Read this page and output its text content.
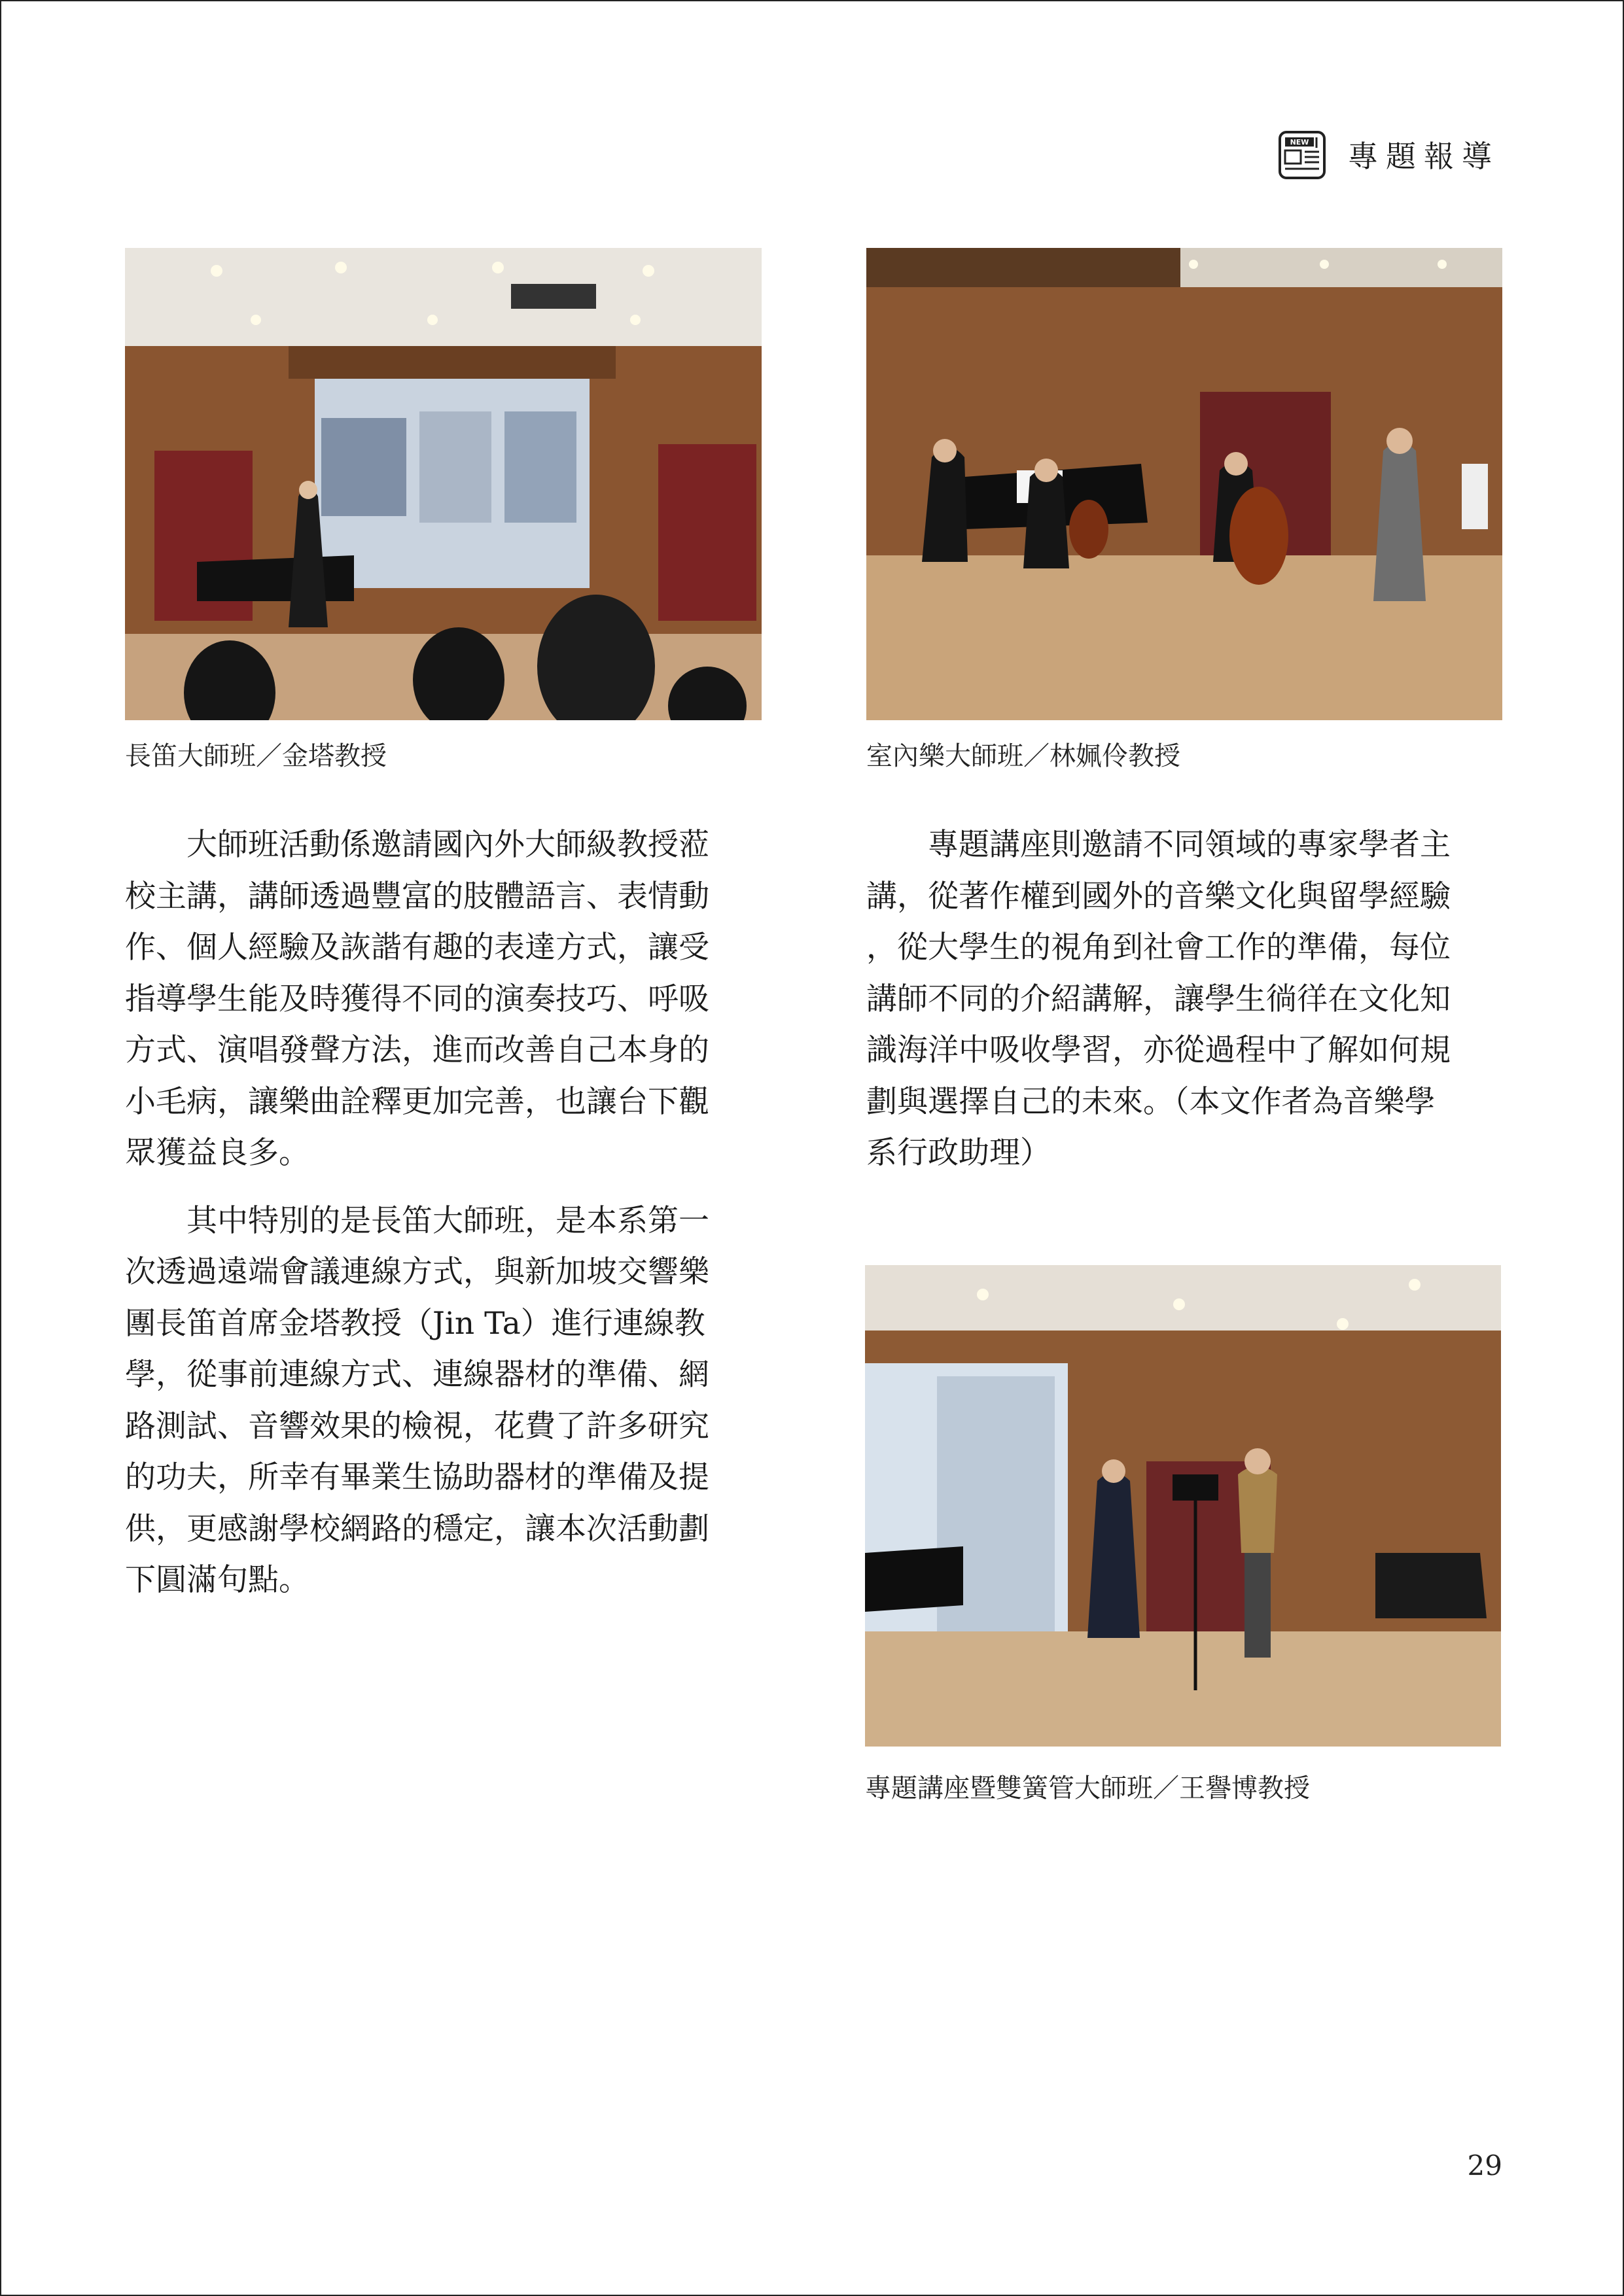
NEW 專題報導
長笛大師班／金塔教授	室內樂大師班／林姵伶教授

　　大師班活動係邀請國內外大師級教授蒞

校主講，講師透過豐富的肢體語言、表情動

作、個人經驗及詼諧有趣的表達方式，讓受

指導學生能及時獲得不同的演奏技巧、呼吸

方式、演唱發聲方法，進而改善自己本身的

小毛病，讓樂曲詮釋更加完善，也讓台下觀

眾獲益良多。

　　其中特別的是長笛大師班，是本系第一

次透過遠端會議連線方式，與新加坡交響樂

團長笛首席金塔教授（Jin Ta）進行連線教

學，從事前連線方式、連線器材的準備、網

路測試、音響效果的檢視，花費了許多研究

的功夫，所幸有畢業生協助器材的準備及提

供，更感謝學校網路的穩定，讓本次活動劃

下圓滿句點。

　　專題講座則邀請不同領域的專家學者主

講，從著作權到國外的音樂文化與留學經驗

，從大學生的視角到社會工作的準備，每位

講師不同的介紹講解，讓學生徜徉在文化知

識海洋中吸收學習，亦從過程中了解如何規

劃與選擇自己的未來。（本文作者為音樂學

系行政助理）

專題講座暨雙簧管大師班／王譽博教授
29
